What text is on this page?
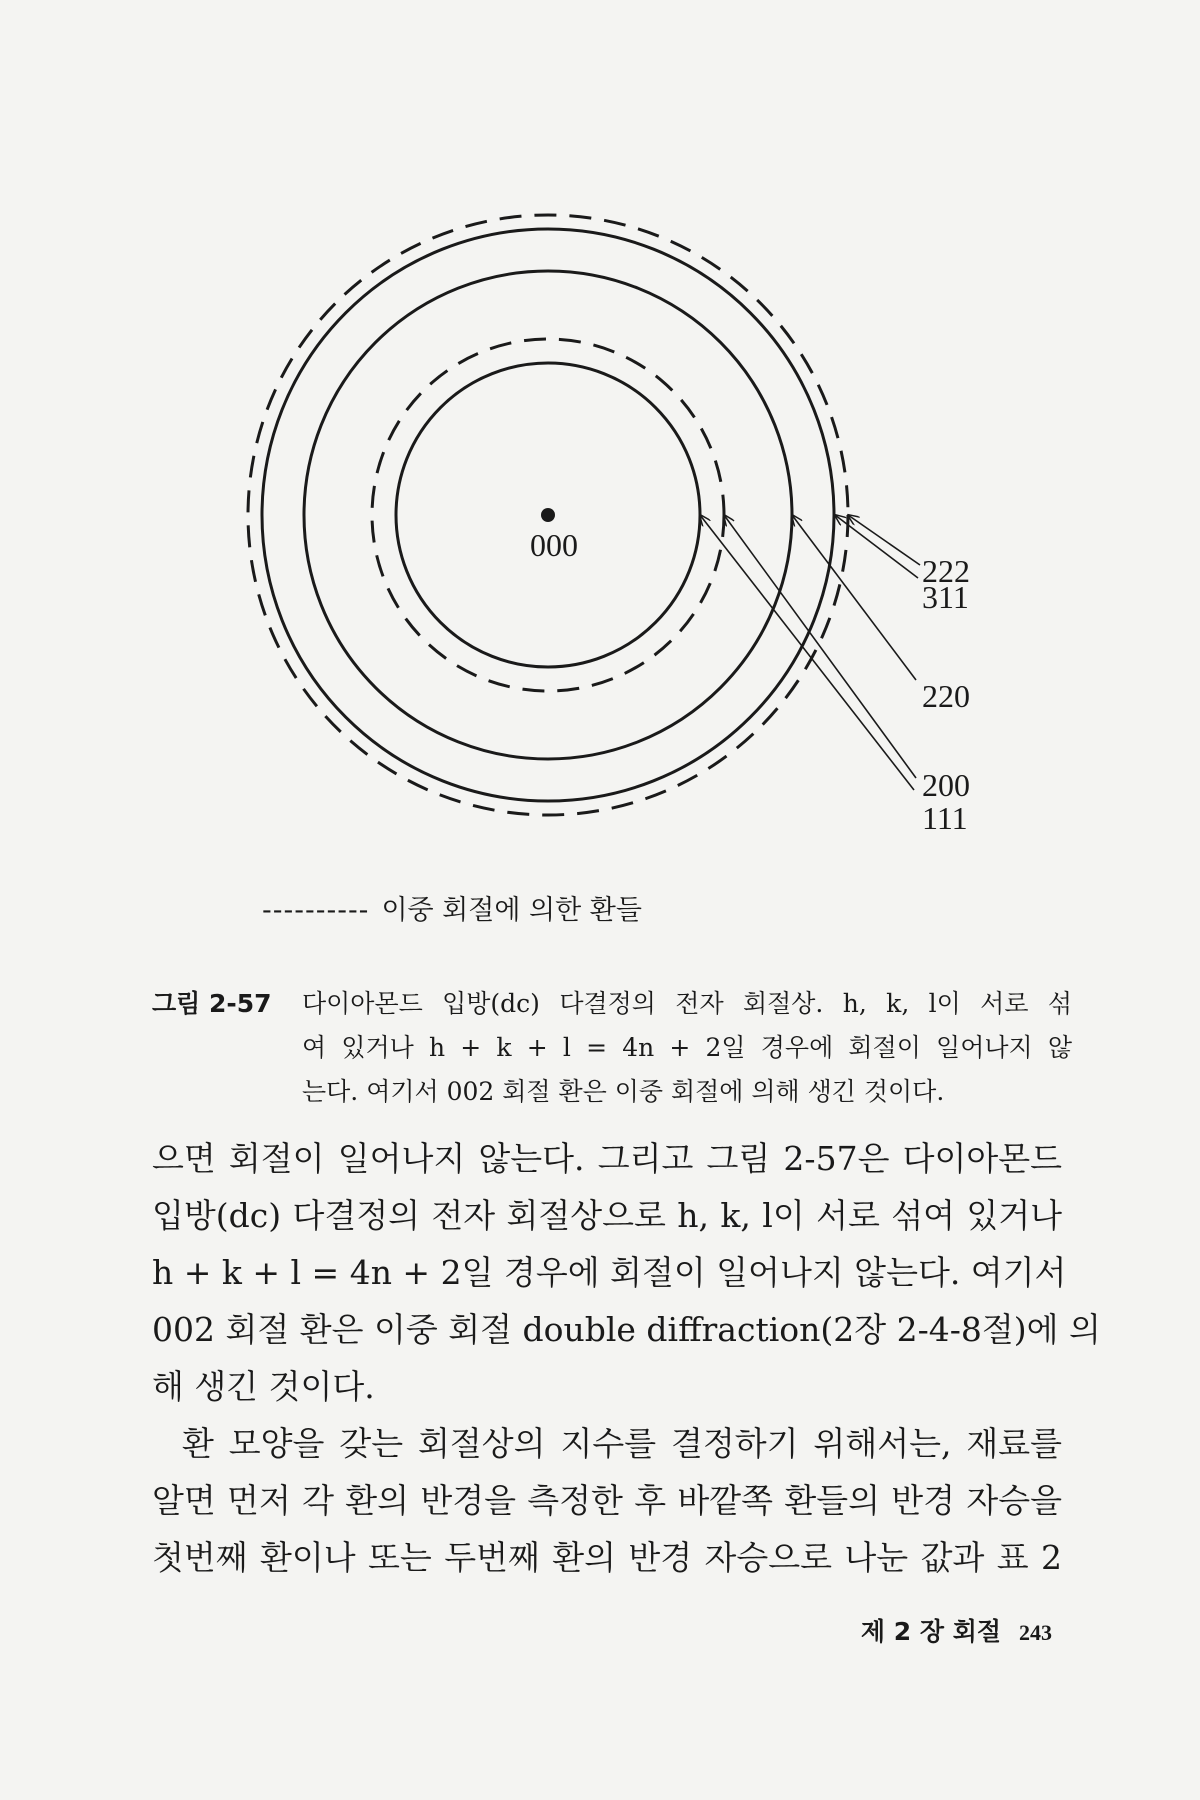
000
222
311
220
200
111
---------- 이중 회절에 의한 환들
그림 2-57 다이아몬드 입방(dc) 다결정의 전자 회절상. h, k, l이 서로 섞
여 있거나 h + k + l = 4n + 2일 경우에 회절이 일어나지 않
는다. 여기서 002 회절 환은 이중 회절에 의해 생긴 것이다.
으면 회절이 일어나지 않는다. 그리고 그림 2-57은 다이아몬드
입방(dc) 다결정의 전자 회절상으로 h, k, l이 서로 섞여 있거나
h + k + l = 4n + 2일 경우에 회절이 일어나지 않는다. 여기서
002 회절 환은 이중 회절 double diffraction(2장 2-4-8절)에 의
해 생긴 것이다.
환 모양을 갖는 회절상의 지수를 결정하기 위해서는, 재료를
알면 먼저 각 환의 반경을 측정한 후 바깥쪽 환들의 반경 자승을
첫번째 환이나 또는 두번째 환의 반경 자승으로 나눈 값과 표 2
제 2 장 회절 243
